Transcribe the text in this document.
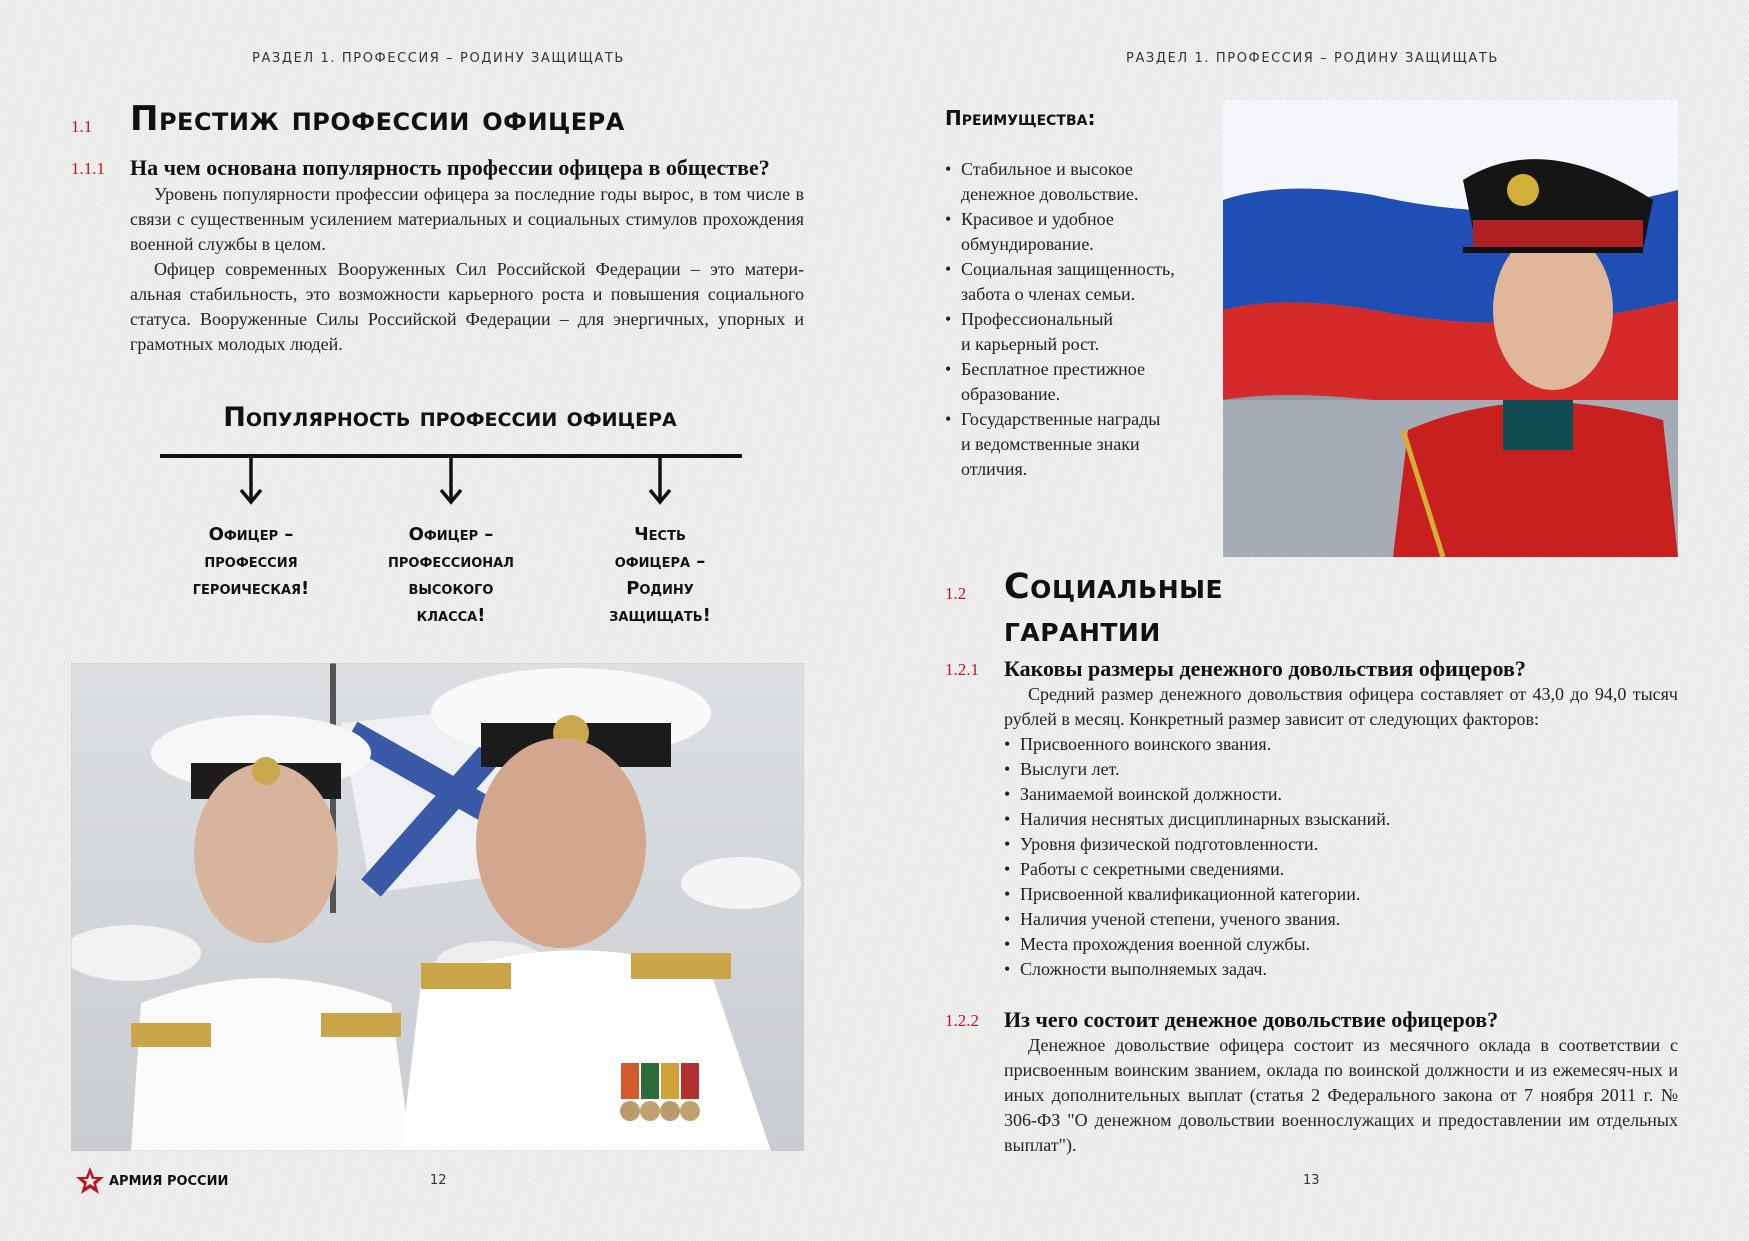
РАЗДЕЛ 1. ПРОФЕССИЯ – РОДИНУ ЗАЩИЩАТЬ
1.1 Престиж профессии офицера
1.1.1 На чем основана популярность профессии офицера в обществе?

Уровень популярности профессии офицера за последние годы вырос, в том числе в связи с существенным усилением материальных и социальных стимулов прохождения военной службы в целом.

Офицер современных Вооруженных Сил Российской Федерации – это матери-альная стабильность, это возможности карьерного роста и повышения социального статуса. Вооруженные Силы Российской Федерации – для энергичных, упорных и грамотных молодых людей.

Популярность профессии офицера
Офицер –
профессия
героическая!
Офицер –
профессионал
высокого
класса!
Честь
офицера –
Родину
защищать!
АРМИЯ РОССИИ	12
РАЗДЕЛ 1. ПРОФЕССИЯ – РОДИНУ ЗАЩИЩАТЬ
Преимущества:
• Стабильное и высокое
денежное довольствие.
• Красивое и удобное
обмундирование.
• Социальная защищенность,
забота о членах семьи.
• Профессиональный
и карьерный рост.
• Бесплатное престижное
образование.
• Государственные награды
и ведомственные знаки
отличия.
1.2 Социальные
гарантии
1.2.1 Каковы размеры денежного довольствия офицеров?

Средний размер денежного довольствия офицера составляет от 43,0 до 94,0 тысяч рублей в месяц. Конкретный размер зависит от следующих факторов:

• Присвоенного воинского звания.
• Выслуги лет.
• Занимаемой воинской должности.
• Наличия неснятых дисциплинарных взысканий.
• Уровня физической подготовленности.
• Работы с секретными сведениями.
• Присвоенной квалификационной категории.
• Наличия ученой степени, ученого звания.
• Места прохождения военной службы.
• Сложности выполняемых задач.
1.2.2 Из чего состоит денежное довольствие офицеров?

Денежное довольствие офицера состоит из месячного оклада в соответствии с присвоенным воинским званием, оклада по воинской должности и из ежемесяч-ных и иных дополнительных выплат (статья 2 Федерального закона от 7 ноября 2011 г. № 306-ФЗ "О денежном довольствии военнослужащих и предоставлении им отдельных выплат").

13
